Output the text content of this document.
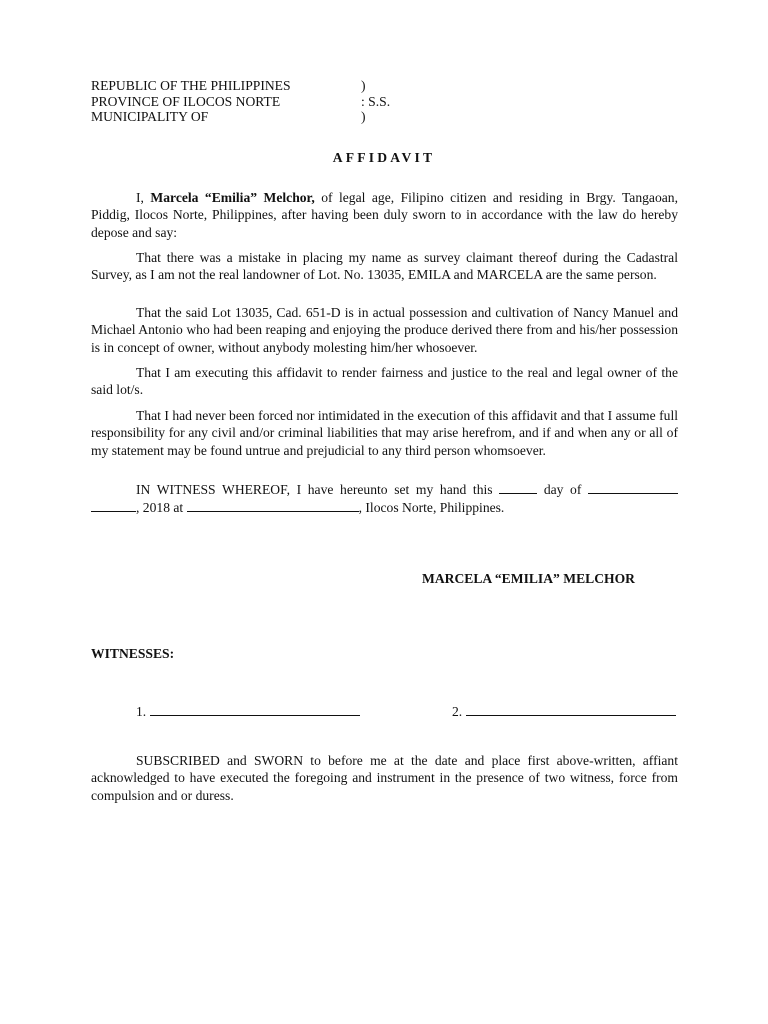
REPUBLIC OF THE PHILIPPINES	)
PROVINCE OF ILOCOS NORTE	: S.S.
MUNICIPALITY OF	)
AFFIDAVIT

I, Marcela “Emilia” Melchor, of legal age, Filipino citizen and residing in Brgy. Tangaoan, Piddig, Ilocos Norte, Philippines, after having been duly sworn to in accordance with the law do hereby depose and say:

That there was a mistake in placing my name as survey claimant thereof during the Cadastral Survey, as I am not the real landowner of Lot. No. 13035, EMILA and MARCELA are the same person.

That the said Lot 13035, Cad. 651-D is in actual possession and cultivation of Nancy Manuel and Michael Antonio who had been reaping and enjoying the produce derived there from and his/her possession is in concept of owner, without anybody molesting him/her whosoever.

That I am executing this affidavit to render fairness and justice to the real and legal owner of the said lot/s.

That I had never been forced nor intimidated in the execution of this affidavit and that I assume full responsibility for any civil and/or criminal liabilities that may arise herefrom, and if and when any or all of my statement may be found untrue and prejudicial to any third person whomsoever.

IN WITNESS WHEREOF, I have hereunto set my hand this	day of  , 2018 at	, Ilocos Norte, Philippines.

MARCELA “EMILIA” MELCHOR
WITNESSES:
1.	2.

SUBSCRIBED and SWORN to before me at the date and place first above-written, affiant acknowledged to have executed the foregoing and instrument in the presence of two witness, force from compulsion and or duress.
